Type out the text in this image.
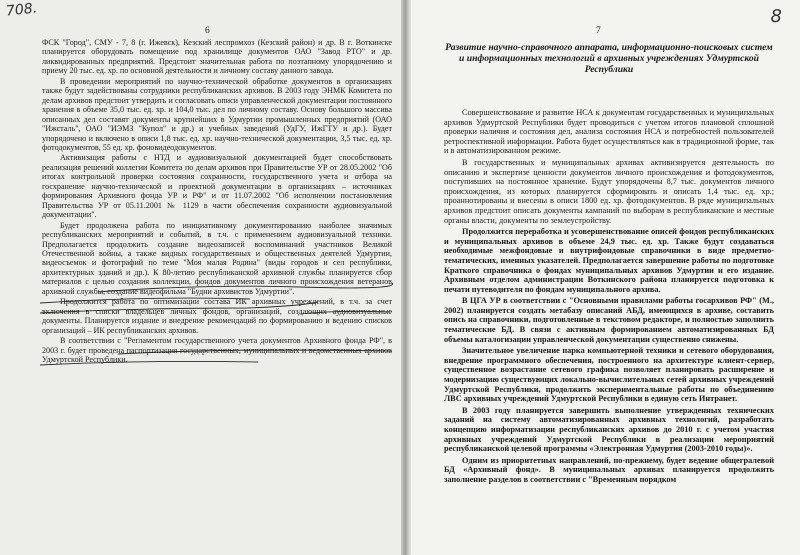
708.	8
6	7

ФСК "Город", СМУ - 7, 8 (г. Ижевск), Кезский леспромхоз (Кезский район) и др. В г. Воткинске планируется оборудовать помещение под хранилище документов ОАО "Завод РТО" и др. ликвидированных предприятий. Предстоит значительная работа по поэтапному упорядочению и приему 20 тыс. ед. хр. по основной деятельности и личному составу данного завода.

В проведении мероприятий по научно-технической обработке документов в организациях также будут задействованы сотрудники республиканских архивов. В 2003 году ЭНМК Комитета по делам архивов предстоит утвердить и согласовать описи управленческой документации постоянного хранения в объеме 35,0 тыс. ед. хр. и 104,0 тыс. дел по личному составу. Основу большого массива описанных дел составят документы крупнейших в Удмуртии промышленных предприятий (ОАО "Ижсталь", ОАО "ИЭМЗ "Купол" и др.) и учебных заведений (УдГУ, ИжГТУ и др.). Будет упорядочено и включено в описи 1,8 тыс. ед. хр. научно-технической документации, 3,5 тыс. ед. хр. фотодокументов, 55 ед. хр. фоновидеодокументов.

Активизация работы с НТД и аудиовизуальной документацией будет способствовать реализация решений коллегии Комитета по делам архивов при Правительстве УР от 28.05.2002 "Об итогах контрольной проверки состояния сохранности, государственного учета и отбора на госхранение научно-технической и проектной документации в организациях – источниках формирования Архивного фонда УР и РФ" и от 11.07.2002 "Об исполнении постановления Правительства УР от 05.11.2001 № 1129 в части обеспечения сохранности аудиовизуальной документации".

Будет продолжена работа по инициативному документированию наиболее значимых республиканских мероприятий и событий, в т.ч. с применением аудиовизуальной техники. Предполагается продолжить создание видеозаписей воспоминаний участников Великой Отечественной войны, а также видных государственных и общественных деятелей Удмуртии, видеосъемок и фотографий по теме "Моя малая Родина" (виды городов и сел республики, архитектурных зданий и др.). К 80-летию республиканской архивной службы планируется сбор материалов с целью создания коллекции, фондов документов личного происхождения ветеранов архивной службы, создание видеофильма "Будни архивистов Удмуртии".

Продолжится работа по оптимизации состава ИК архивных учреждений, в т.ч. за счет включения в списки владельцев личных фондов, организаций, создающих аудиовизуальные документы. Планируется издание и внедрение рекомендаций по формированию и ведению списков организаций – ИК республиканских архивов.

В соответствии с "Регламентом государственного учета документов Архивного фонда РФ", в 2003 г. будет проведена паспортизация государственных, муниципальных и ведомственных архивов Удмуртской Республики.

Развитие научно-справочного аппарата, информационно-поисковых систем и информационных технологий в архивных учреждениях Удмуртской Республики

Совершенствование и развитие НСА к документам государственных и муниципальных архивов Удмуртской Республики будет проводиться с учетом итогов плановой сплошной проверки наличия и состояния дел, анализа состояния НСА и потребностей пользователей ретроспективной информации. Работа будет осуществляться как в традиционной форме, так и в автоматизированном режиме.

В государственных и муниципальных архивах активизируется деятельность по описанию и экспертизе ценности документов личного происхождения и фотодокументов, поступивших на постоянное хранение. Будут упорядочены 8,7 тыс. документов личного происхождения, из которых планируется сформировать и описать 1,4 тыс. ед. хр.; проаннотированы и внесены в описи 1800 ед. хр. фотодокументов. В ряде муниципальных архивов предстоит описать документы кампаний по выборам в республиканские и местные органы власти, документы по землеустройству.

Продолжится переработка и усовершенствование описей фондов республиканских и муниципальных архивов в объеме 24,9 тыс. ед. хр. Также будут создаваться необходимые межфондовые и внутрифондовые справочники в виде предметно-тематических, именных указателей. Предполагается завершение работы по подготовке Краткого справочника о фондах муниципальных архивов Удмуртии и его издание. Архивным отделом администрации Воткинского района планируется подготовка к печати путеводителя по фондам муниципального архива.

В ЦГА УР в соответствии с "Основными правилами работы госархивов РФ" (М., 2002) планируется создать метабазу описаний АБД, имеющихся в архиве, составить опись на справочники, подготовленные в текстовом редакторе, и полностью заполнить тематические БД. В связи с активным формированием автоматизированных БД объемы каталогизации управленческой документации существенно снижены.

Значительное увеличение парка компьютерной техники и сетевого оборудования, внедрение программного обеспечения, построенного на архитектуре клиент-сервер, существенное возрастание сетевого графика позволяет планировать расширение и модернизацию существующих локально-вычислительных сетей архивных учреждений Удмуртской Республики, продолжить экспериментальные работы по объединению ЛВС архивных учреждений Удмуртской Республики в единую сеть Интранет.

В 2003 году планируется завершить выполнение утвержденных технических заданий на систему автоматизированных архивных технологий, разработать концепцию информатизации республиканских архивов до 2010 г. с учетом участия архивных учреждений Удмуртской Республики в реализации мероприятий республиканской целевой программы «Электронная Удмуртия (2003-2010 годы)».

Одним из приоритетных направлений, по-прежнему, будет ведение общегралевой БД «Архивный фонд». В муниципальных архивах планируется продолжить заполнение разделов в соответствии с "Временным порядком
